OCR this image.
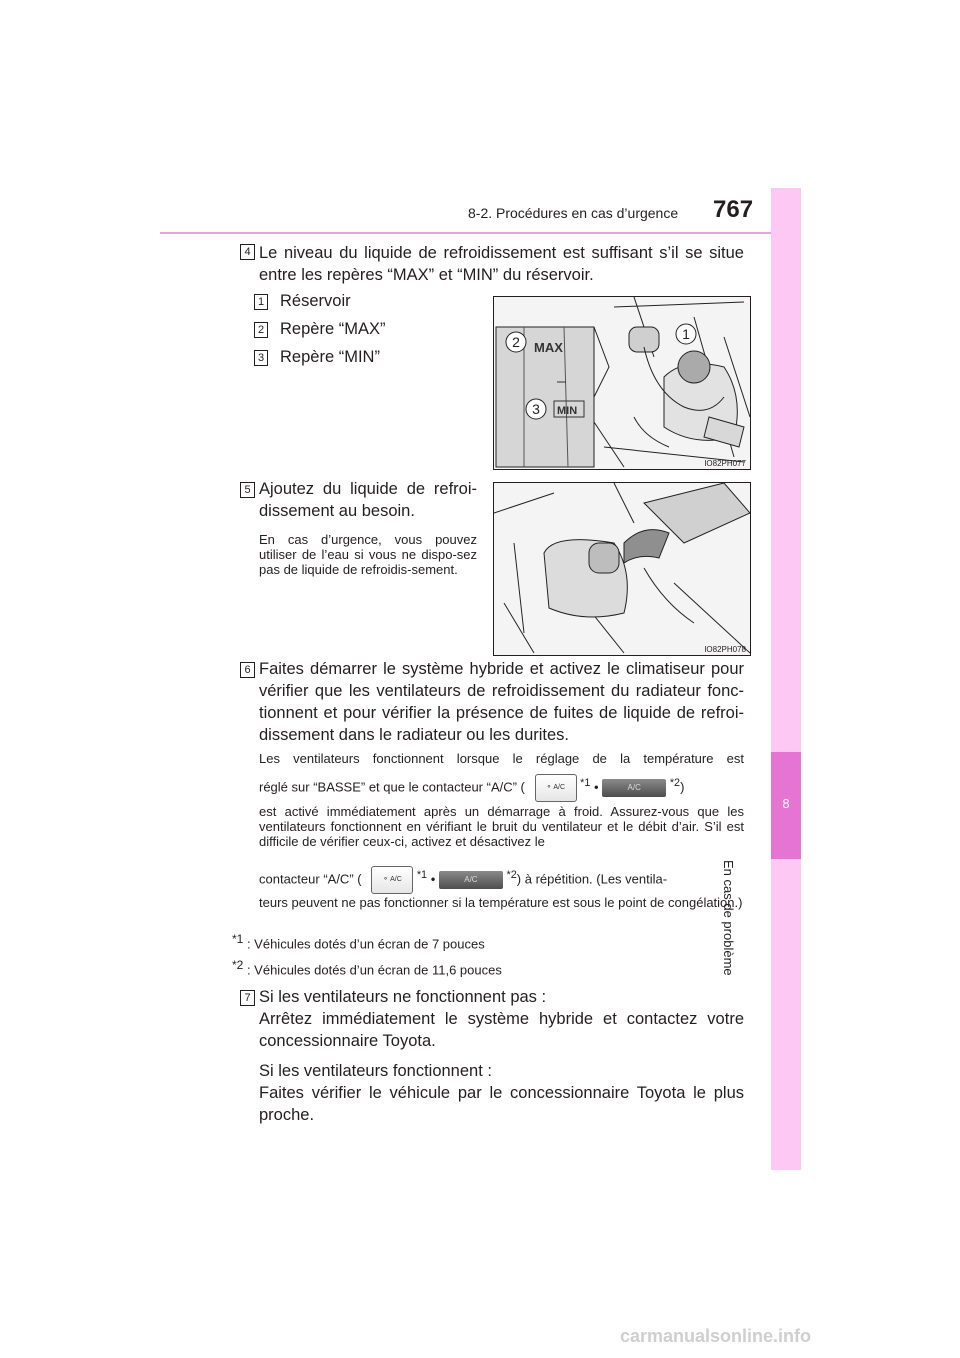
8-2. Procédures en cas d’urgence 767
8
En cas de problème
4 Le niveau du liquide de refroidissement est suffisant s’il se situe entre les repères “MAX” et “MIN” du réservoir.
1 Réservoir
2 Repère “MAX”
3 Repère “MIN”
MAX
MIN
2
3
1
IO82PH077
5 Ajoutez du liquide de refroi-dissement au besoin.
En cas d’urgence, vous pouvez utiliser de l’eau si vous ne dispo-sez pas de liquide de refroidis-sement.
IO82PH078
6 Faites démarrer le système hybride et activez le climatiseur pour vérifier que les ventilateurs de refroidissement du radiateur fonc-tionnent et pour vérifier la présence de fuites de liquide de refroi-dissement dans le radiateur ou les durites.
Les ventilateurs fonctionnent lorsque le réglage de la température est
réglé sur “BASSE” et que le contacteur “A/C” (	⚬ A/C $^{*1}$ •	A/C	$^{*2}$)
est activé immédiatement après un démarrage à froid. Assurez-vous que les ventilateurs fonctionnent en vérifiant le bruit du ventilateur et le débit d’air. S’il est difficile de vérifier ceux-ci, activez et désactivez le
contacteur “A/C” (	⚬ A/C $^{*1}$ •	A/C	$^{*2}$) à répétition. (Les ventila-
teurs peuvent ne pas fonctionner si la température est sous le point de congélation.)
$^{*1}$ : Véhicules dotés d’un écran de 7 pouces
$^{*2}$ : Véhicules dotés d’un écran de 11,6 pouces
7 Si les ventilateurs ne fonctionnent pas :
Arrêtez immédiatement le système hybride et contactez votre concessionnaire Toyota.
Si les ventilateurs fonctionnent :
Faites vérifier le véhicule par le concessionnaire Toyota le plus proche.
carmanualsonline.info
